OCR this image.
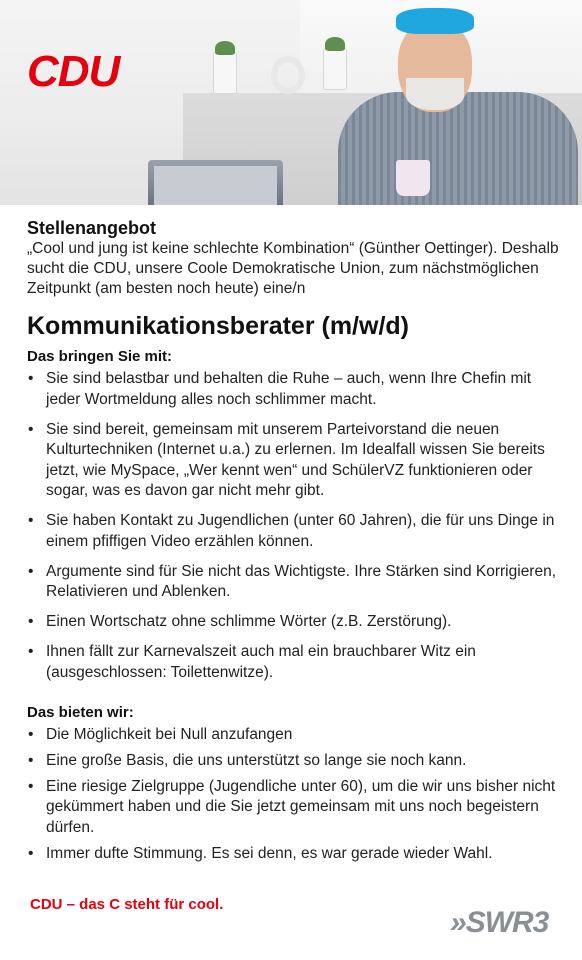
CDU
Stellenangebot

„Cool und jung ist keine schlechte Kombination“ (Günther Oettinger). Deshalb sucht die CDU, unsere Coole Demokratische Union, zum nächstmöglichen Zeitpunkt (am besten noch heute) eine/n

Kommunikationsberater (m/w/d)
Das bringen Sie mit:
• Sie sind belastbar und behalten die Ruhe – auch, wenn Ihre Chefin mit jeder Wortmeldung alles noch schlimmer macht.
• Sie sind bereit, gemeinsam mit unserem Parteivorstand die neuen Kulturtechniken (Internet u.a.) zu erlernen. Im Idealfall wissen Sie bereits jetzt, wie MySpace, „Wer kennt wen“ und SchülerVZ funktionieren oder sogar, was es davon gar nicht mehr gibt.
• Sie haben Kontakt zu Jugendlichen (unter 60 Jahren), die für uns Dinge in einem pfiffigen Video erzählen können.
• Argumente sind für Sie nicht das Wichtigste. Ihre Stärken sind Korrigieren, Relativieren und Ablenken.
• Einen Wortschatz ohne schlimme Wörter (z.B. Zerstörung).
• Ihnen fällt zur Karnevalszeit auch mal ein brauchbarer Witz ein (ausgeschlossen: Toilettenwitze).
Das bieten wir:
• Die Möglichkeit bei Null anzufangen
• Eine große Basis, die uns unterstützt so lange sie noch kann.
• Eine riesige Zielgruppe (Jugendliche unter 60), um die wir uns bisher nicht gekümmert haben und die Sie jetzt gemeinsam mit uns noch begeistern dürfen.
• Immer dufte Stimmung. Es sei denn, es war gerade wieder Wahl.
CDU – das C steht für cool.
»SWR3
